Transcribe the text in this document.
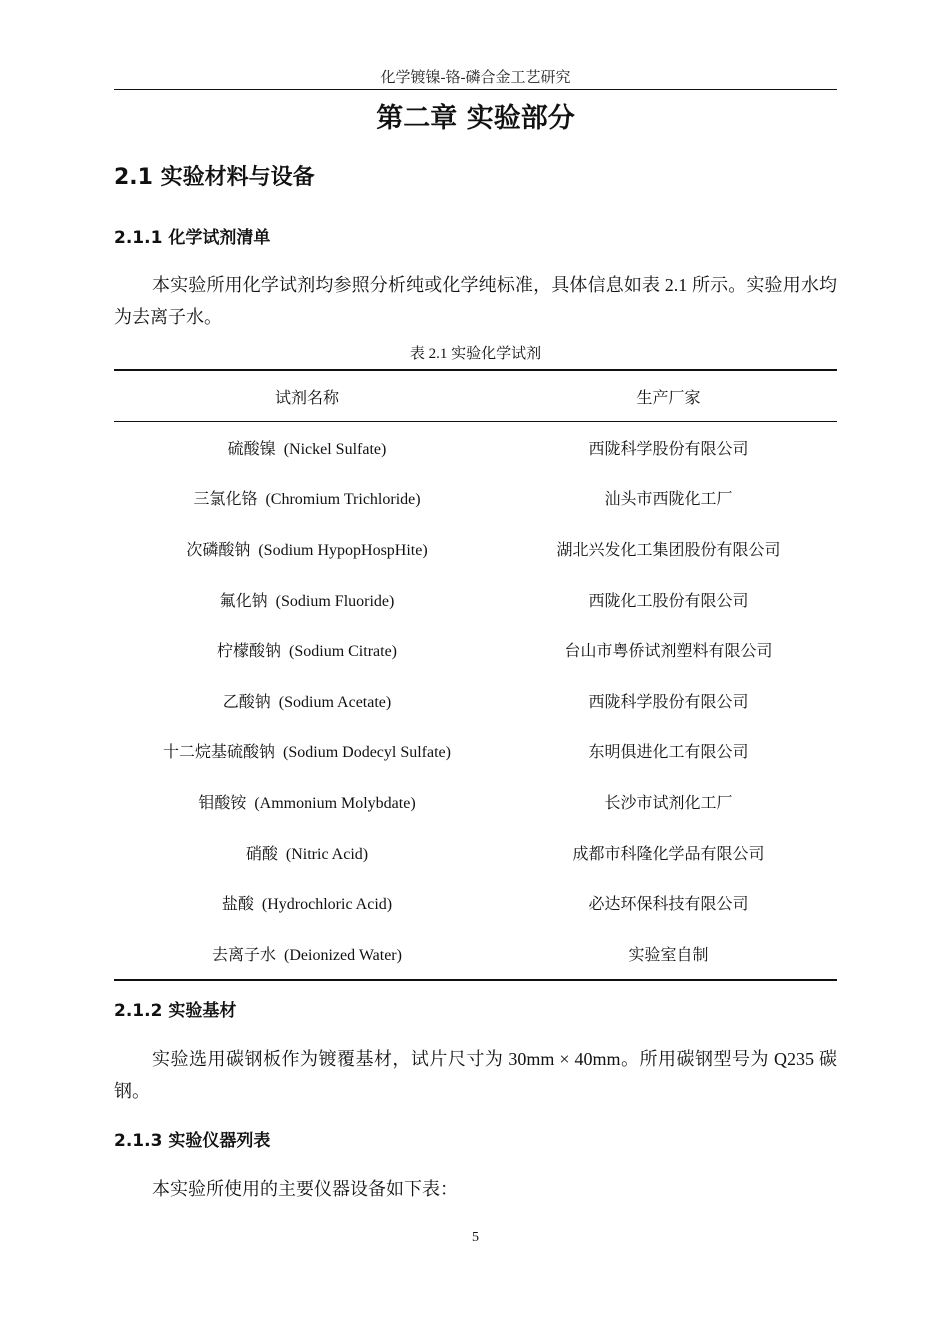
化学镀镍-铬-磷合金工艺研究
第二章 实验部分
2.1 实验材料与设备
2.1.1 化学试剂清单

本实验所用化学试剂均参照分析纯或化学纯标准，具体信息如表 2.1 所示。实验用水均为去离子水。

表 2.1 实验化学试剂
试剂名称	生产厂家
硫酸镍 (Nickel Sulfate)	西陇科学股份有限公司
三氯化铬 (Chromium Trichloride)	汕头市西陇化工厂
次磷酸钠 (Sodium HypopHospHite)	湖北兴发化工集团股份有限公司
氟化钠 (Sodium Fluoride)	西陇化工股份有限公司
柠檬酸钠 (Sodium Citrate)	台山市粤侨试剂塑料有限公司
乙酸钠 (Sodium Acetate)	西陇科学股份有限公司
十二烷基硫酸钠 (Sodium Dodecyl Sulfate)	东明俱进化工有限公司
钼酸铵 (Ammonium Molybdate)	长沙市试剂化工厂
硝酸 (Nitric Acid)	成都市科隆化学品有限公司
盐酸 (Hydrochloric Acid)	必达环保科技有限公司
去离子水 (Deionized Water)	实验室自制
2.1.2 实验基材

实验选用碳钢板作为镀覆基材，试片尺寸为 30mm × 40mm。所用碳钢型号为 Q235 碳钢。

2.1.3 实验仪器列表

本实验所使用的主要仪器设备如下表：

5
